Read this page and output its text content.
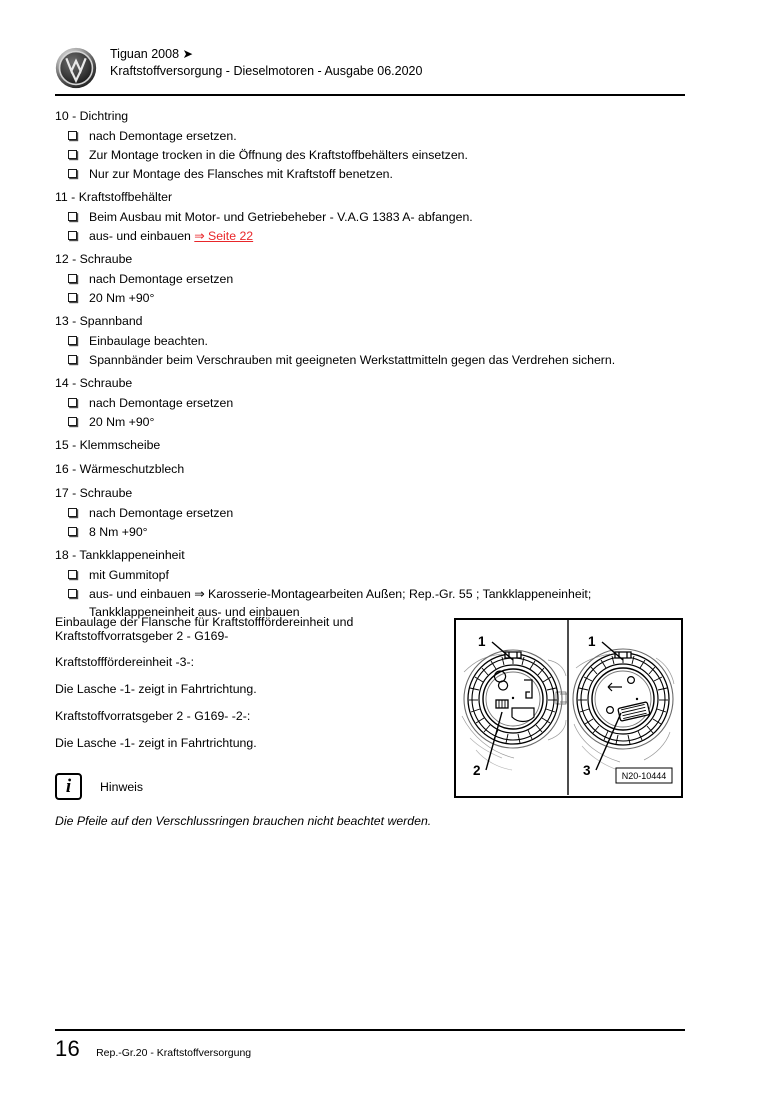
Tiguan 2008 ➤
Kraftstoffversorgung - Dieselmotoren - Ausgabe 06.2020
10 - Dichtring
nach Demontage ersetzen.
Zur Montage trocken in die Öffnung des Kraftstoffbehälters einsetzen.
Nur zur Montage des Flansches mit Kraftstoff benetzen.
11 - Kraftstoffbehälter
Beim Ausbau mit Motor- und Getriebeheber - V.A.G 1383 A- abfangen.
aus- und einbauen ⇒ Seite 22
12 - Schraube
nach Demontage ersetzen
20 Nm +90°
13 - Spannband
Einbaulage beachten.
Spannbänder beim Verschrauben mit geeigneten Werkstattmitteln gegen das Verdrehen sichern.
14 - Schraube
nach Demontage ersetzen
20 Nm +90°
15 - Klemmscheibe
16 - Wärmeschutzblech
17 - Schraube
nach Demontage ersetzen
8 Nm +90°
18 - Tankklappeneinheit
mit Gummitopf
aus- und einbauen ⇒ Karosserie-Montagearbeiten Außen; Rep.-Gr. 55 ; Tankklappeneinheit; Tankklappeneinheit aus- und einbauen

Einbaulage der Flansche für Kraftstofffördereinheit und Kraftstoffvorratsgeber 2 - G169-

Kraftstofffördereinheit -3-:

Die Lasche -1- zeigt in Fahrtrichtung.

Kraftstoffvorratsgeber 2 - G169- -2-:

Die Lasche -1- zeigt in Fahrtrichtung.

i Hinweis

Die Pfeile auf den Verschlussringen brauchen nicht beachtet werden.

1
2
1
3	N20-10444
16 Rep.-Gr.20 - Kraftstoffversorgung
